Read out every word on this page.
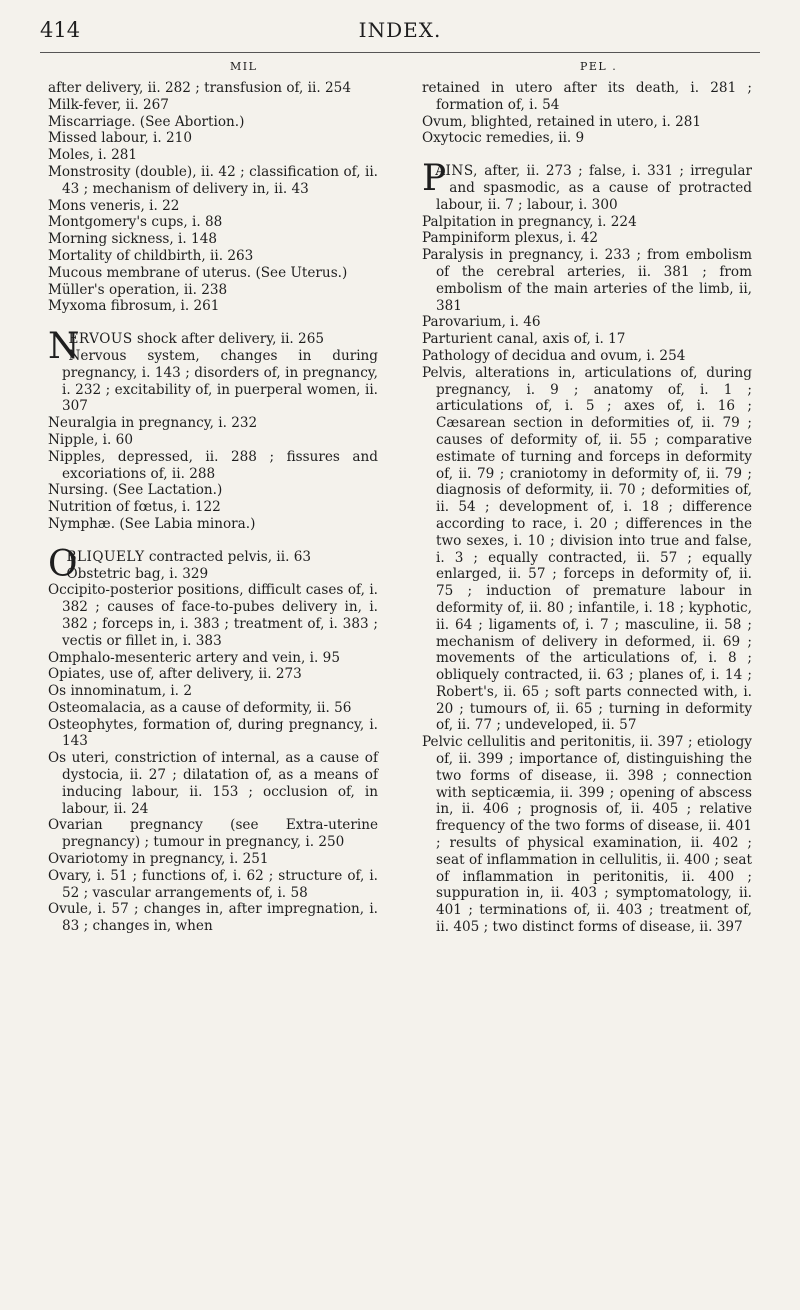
414	INDEX.
MIL	PEL .

after delivery, ii. 282 ; transfusion of, ii. 254

Milk-fever, ii. 267

Miscarriage. (See Abortion.)

Missed labour, i. 210

Moles, i. 281

Monstrosity (double), ii. 42 ; classification of, ii. 43 ; mechanism of delivery in, ii. 43

Mons veneris, i. 22

Montgomery's cups, i. 88

Morning sickness, i. 148

Mortality of childbirth, ii. 263

Mucous membrane of uterus. (See Uterus.)

Müller's operation, ii. 238

Myxoma fibrosum, i. 261

N
ERVOUS shock after delivery, ii. 265

Nervous system, changes in during pregnancy, i. 143 ; disorders of, in pregnancy, i. 232 ; excitability of, in puerperal women, ii. 307

Neuralgia in pregnancy, i. 232

Nipple, i. 60

Nipples, depressed, ii. 288 ; fissures and excoriations of, ii. 288

Nursing. (See Lactation.)

Nutrition of fœtus, i. 122

Nymphæ. (See Labia minora.)

O
BLIQUELY contracted pelvis, ii. 63

Obstetric bag, i. 329

Occipito-posterior positions, difficult cases of, i. 382 ; causes of face-to-pubes delivery in, i. 382 ; forceps in, i. 383 ; treatment of, i. 383 ; vectis or fillet in, i. 383

Omphalo-mesenteric artery and vein, i. 95

Opiates, use of, after delivery, ii. 273

Os innominatum, i. 2

Osteomalacia, as a cause of deformity, ii. 56

Osteophytes, formation of, during pregnancy, i. 143

Os uteri, constriction of internal, as a cause of dystocia, ii. 27 ; dilatation of, as a means of inducing labour, ii. 153 ; occlusion of, in labour, ii. 24

Ovarian pregnancy (see Extra-uterine pregnancy) ; tumour in pregnancy, i. 250

Ovariotomy in pregnancy, i. 251

Ovary, i. 51 ; functions of, i. 62 ; structure of, i. 52 ; vascular arrangements of, i. 58

Ovule, i. 57 ; changes in, after impregnation, i. 83 ; changes in, when

retained in utero after its death, i. 281 ; formation of, i. 54

Ovum, blighted, retained in utero, i. 281

Oxytocic remedies, ii. 9

P
AINS, after, ii. 273 ; false, i. 331 ; irregular and spasmodic, as a cause of protracted labour, ii. 7 ; labour, i. 300

Palpitation in pregnancy, i. 224

Pampiniform plexus, i. 42

Paralysis in pregnancy, i. 233 ; from embolism of the cerebral arteries, ii. 381 ; from embolism of the main arteries of the limb, ii, 381

Parovarium, i. 46

Parturient canal, axis of, i. 17

Pathology of decidua and ovum, i. 254

Pelvis, alterations in, articulations of, during pregnancy, i. 9 ; anatomy of, i. 1 ; articulations of, i. 5 ; axes of, i. 16 ; Cæsarean section in deformities of, ii. 79 ; causes of deformity of, ii. 55 ; comparative estimate of turning and forceps in deformity of, ii. 79 ; craniotomy in deformity of, ii. 79 ; diagnosis of deformity, ii. 70 ; deformities of, ii. 54 ; development of, i. 18 ; difference according to race, i. 20 ; differences in the two sexes, i. 10 ; division into true and false, i. 3 ; equally contracted, ii. 57 ; equally enlarged, ii. 57 ; forceps in deformity of, ii. 75 ; induction of premature labour in deformity of, ii. 80 ; infantile, i. 18 ; kyphotic, ii. 64 ; ligaments of, i. 7 ; masculine, ii. 58 ; mechanism of delivery in deformed, ii. 69 ; movements of the articulations of, i. 8 ; obliquely contracted, ii. 63 ; planes of, i. 14 ; Robert's, ii. 65 ; soft parts connected with, i. 20 ; tumours of, ii. 65 ; turning in deformity of, ii. 77 ; undeveloped, ii. 57

Pelvic cellulitis and peritonitis, ii. 397 ; etiology of, ii. 399 ; importance of, distinguishing the two forms of disease, ii. 398 ; connection with septicæmia, ii. 399 ; opening of abscess in, ii. 406 ; prognosis of, ii. 405 ; relative frequency of the two forms of disease, ii. 401 ; results of physical examination, ii. 402 ; seat of inflammation in cellulitis, ii. 400 ; seat of inflammation in peritonitis, ii. 400 ; suppuration in, ii. 403 ; symptomatology, ii. 401 ; terminations of, ii. 403 ; treatment of, ii. 405 ; two distinct forms of disease, ii. 397
